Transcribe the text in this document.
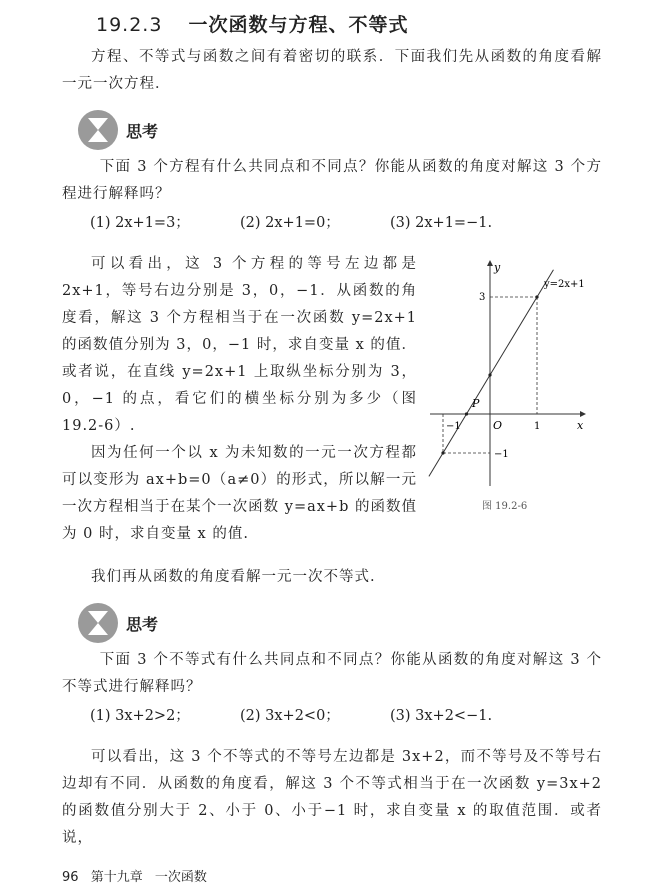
19.2.3 一次函数与方程、不等式

方程、不等式与函数之间有着密切的联系．下面我们先从函数的角度看解一元一次方程．

思考

下面 3 个方程有什么共同点和不同点？你能从函数的角度对解这 3 个方程进行解释吗？

(1) 2x+1=3；	(2) 2x+1=0；	(3) 2x+1=−1.

可以看出，这 3 个方程的等号左边都是 2x+1，等号右边分别是 3，0，−1．从函数的角度看，解这 3 个方程相当于在一次函数 y=2x+1 的函数值分别为 3，0，−1 时，求自变量 x 的值．或者说，在直线 y=2x+1 上取纵坐标分别为 3，0，−1 的点，看它们的横坐标分别为多少（图 19.2-6）.

因为任何一个以 x 为未知数的一元一次方程都可以变形为 ax+b=0（a≠0）的形式，所以解一元一次方程相当于在某个一次函数 y=ax+b 的函数值为 0 时，求自变量 x 的值.

y
x
O
P
1
−1
3
−1
y=2x+1
图 19.2-6

我们再从函数的角度看解一元一次不等式.

思考

下面 3 个不等式有什么共同点和不同点？你能从函数的角度对解这 3 个不等式进行解释吗？

(1) 3x+2>2；	(2) 3x+2<0；	(3) 3x+2<−1.

可以看出，这 3 个不等式的不等号左边都是 3x+2，而不等号及不等号右边却有不同．从函数的角度看，解这 3 个不等式相当于在一次函数 y=3x+2 的函数值分别大于 2、小于 0、小于−1 时，求自变量 x 的取值范围．或者说，

96 第十九章 一次函数
